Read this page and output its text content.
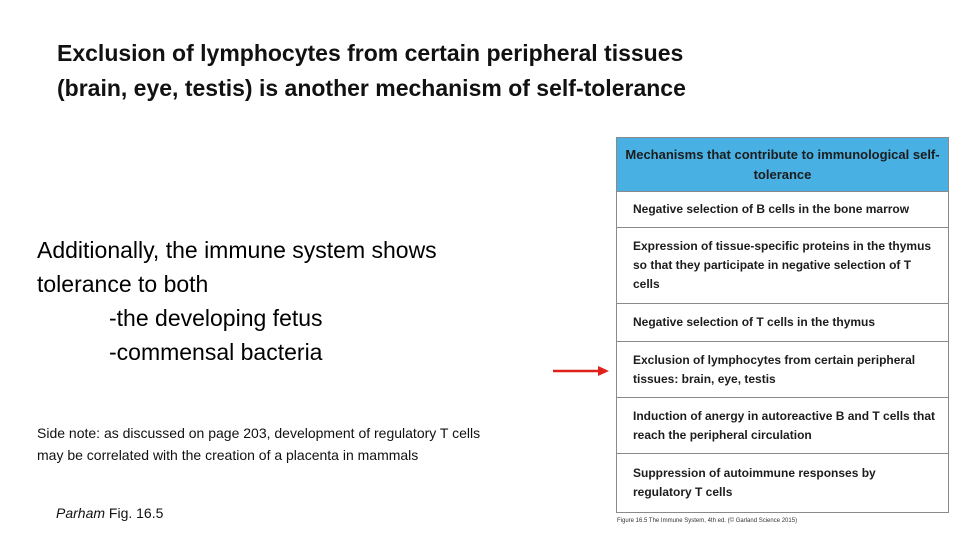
Exclusion of lymphocytes from certain peripheral tissues
(brain, eye, testis) is another mechanism of self-tolerance
Additionally, the immune system shows
tolerance to both
-the developing fetus
-commensal bacteria
Side note: as discussed on page 203, development of regulatory T cells
may be correlated with the creation of a placenta in mammals
Parham Fig. 16.5
Mechanisms that contribute to immunological self-tolerance
Negative selection of B cells in the bone marrow
Expression of tissue-specific proteins in the thymus so that they participate in negative selection of T cells
Negative selection of T cells in the thymus
Exclusion of lymphocytes from certain peripheral tissues: brain, eye, testis
Induction of anergy in autoreactive B and T cells that reach the peripheral circulation
Suppression of autoimmune responses by regulatory T cells
Figure 16.5 The Immune System, 4th ed. (© Garland Science 2015)
